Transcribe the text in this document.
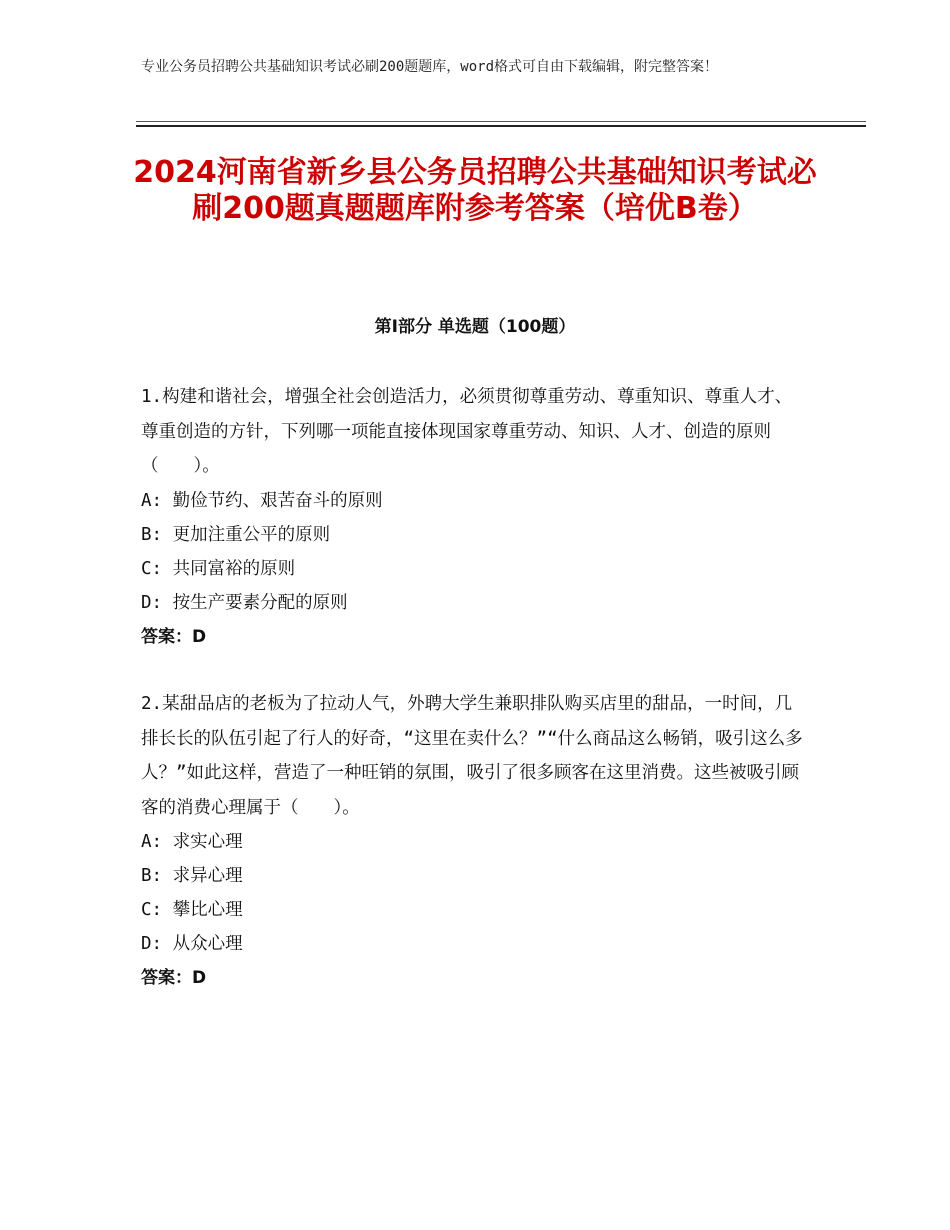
专业公务员招聘公共基础知识考试必刷200题题库，word格式可自由下载编辑，附完整答案！
2024河南省新乡县公务员招聘公共基础知识考试必刷200题真题题库附参考答案（培优B卷）
第I部分 单选题（100题）
1.构建和谐社会，增强全社会创造活力，必须贯彻尊重劳动、尊重知识、尊重人才、尊重创造的方针，下列哪一项能直接体现国家尊重劳动、知识、人才、创造的原则（　　）。
A: 勤俭节约、艰苦奋斗的原则
B: 更加注重公平的原则
C: 共同富裕的原则
D: 按生产要素分配的原则
答案：D
2.某甜品店的老板为了拉动人气，外聘大学生兼职排队购买店里的甜品，一时间，几排长长的队伍引起了行人的好奇，“这里在卖什么？”“什么商品这么畅销，吸引这么多人？”如此这样，营造了一种旺销的氛围，吸引了很多顾客在这里消费。这些被吸引顾客的消费心理属于（　　）。
A: 求实心理
B: 求异心理
C: 攀比心理
D: 从众心理
答案：D
